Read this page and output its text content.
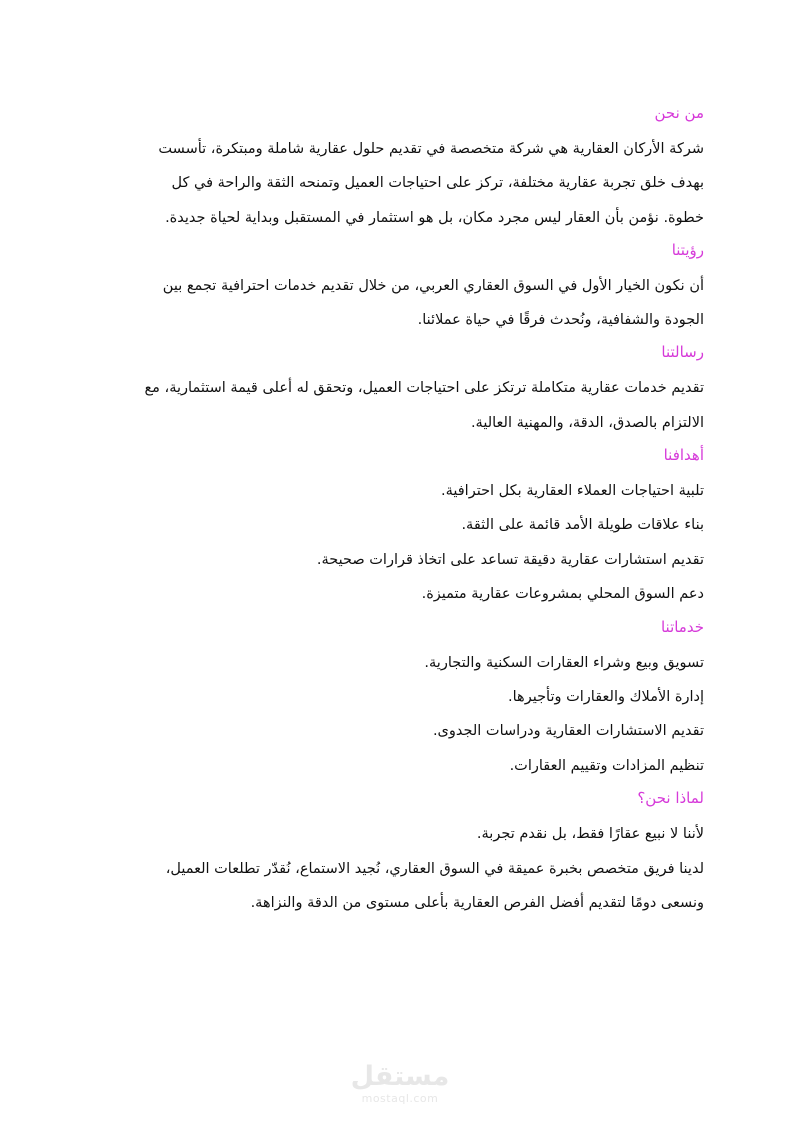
من نحن

شركة الأركان العقارية هي شركة متخصصة في تقديم حلول عقارية شاملة ومبتكرة، تأسست
بهدف خلق تجربة عقارية مختلفة، تركز على احتياجات العميل وتمنحه الثقة والراحة في كل
خطوة. نؤمن بأن العقار ليس مجرد مكان، بل هو استثمار في المستقبل وبداية لحياة جديدة.

رؤيتنا

أن نكون الخيار الأول في السوق العقاري العربي، من خلال تقديم خدمات احترافية تجمع بين
الجودة والشفافية، ونُحدث فرقًا في حياة عملائنا.

رسالتنا

تقديم خدمات عقارية متكاملة ترتكز على احتياجات العميل، وتحقق له أعلى قيمة استثمارية، مع
الالتزام بالصدق، الدقة، والمهنية العالية.

أهدافنا
تلبية احتياجات العملاء العقارية بكل احترافية.
بناء علاقات طويلة الأمد قائمة على الثقة.
تقديم استشارات عقارية دقيقة تساعد على اتخاذ قرارات صحيحة.
دعم السوق المحلي بمشروعات عقارية متميزة.
خدماتنا
تسويق وبيع وشراء العقارات السكنية والتجارية.
إدارة الأملاك والعقارات وتأجيرها.
تقديم الاستشارات العقارية ودراسات الجدوى.
تنظيم المزادات وتقييم العقارات.
لماذا نحن؟

لأننا لا نبيع عقارًا فقط، بل نقدم تجربة.
لدينا فريق متخصص بخبرة عميقة في السوق العقاري، نُجيد الاستماع، نُقدّر تطلعات العميل،
ونسعى دومًا لتقديم أفضل الفرص العقارية بأعلى مستوى من الدقة والنزاهة.

مستقل
mostaql.com
